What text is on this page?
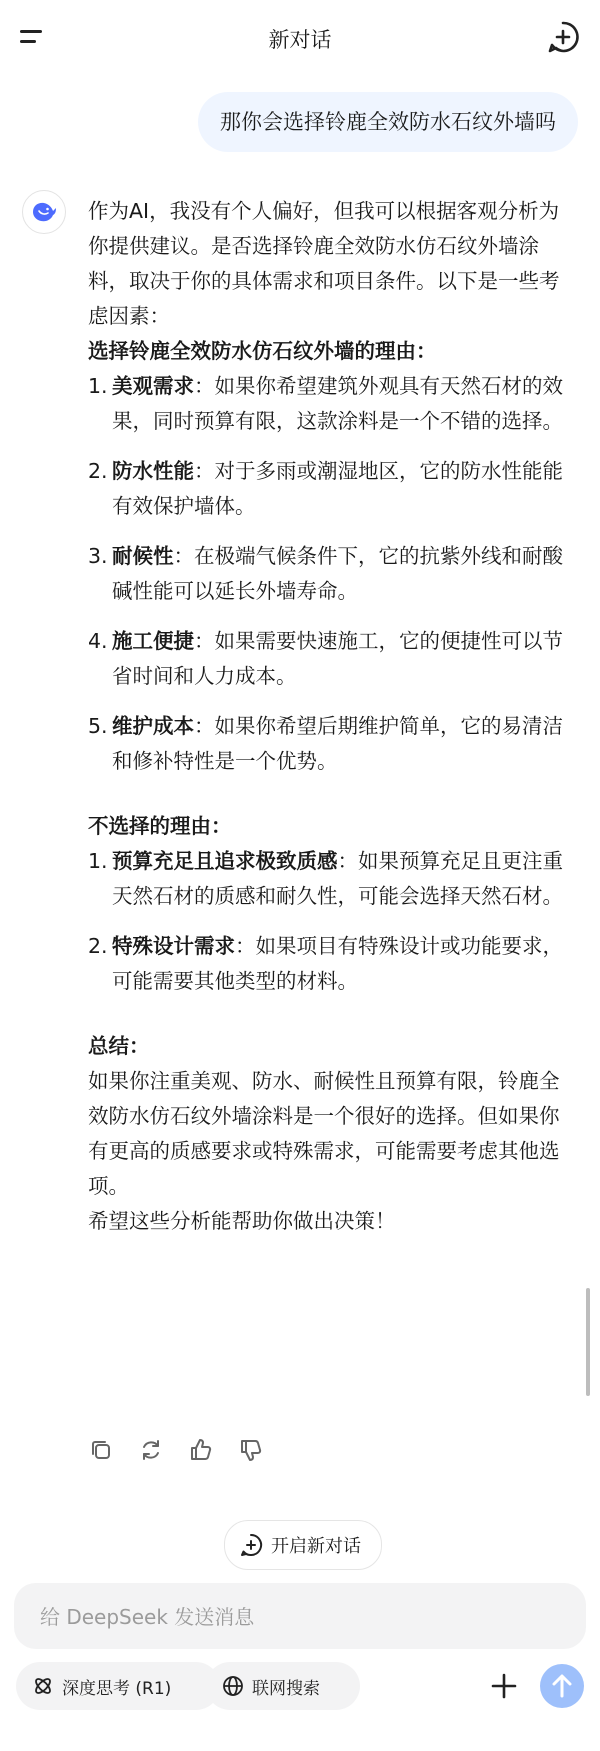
新对话
那你会选择铃鹿全效防水石纹外墙吗

作为AI，我没有个人偏好，但我可以根据客观分析为你提供建议。是否选择铃鹿全效防水仿石纹外墙涂料，取决于你的具体需求和项目条件。以下是一些考虑因素：

选择铃鹿全效防水仿石纹外墙的理由：

1. 美观需求：如果你希望建筑外观具有天然石材的效果，同时预算有限，这款涂料是一个不错的选择。
2. 防水性能：对于多雨或潮湿地区，它的防水性能能有效保护墙体。
3. 耐候性：在极端气候条件下，它的抗紫外线和耐酸碱性能可以延长外墙寿命。
4. 施工便捷：如果需要快速施工，它的便捷性可以节省时间和人力成本。
5. 维护成本：如果你希望后期维护简单，它的易清洁和修补特性是一个优势。

不选择的理由：

1. 预算充足且追求极致质感：如果预算充足且更注重天然石材的质感和耐久性，可能会选择天然石材。
2. 特殊设计需求：如果项目有特殊设计或功能要求，可能需要其他类型的材料。

总结：

如果你注重美观、防水、耐候性且预算有限，铃鹿全效防水仿石纹外墙涂料是一个很好的选择。但如果你有更高的质感要求或特殊需求，可能需要考虑其他选项。

希望这些分析能帮助你做出决策！

开启新对话
给 DeepSeek 发送消息
深度思考 (R1)	联网搜索
